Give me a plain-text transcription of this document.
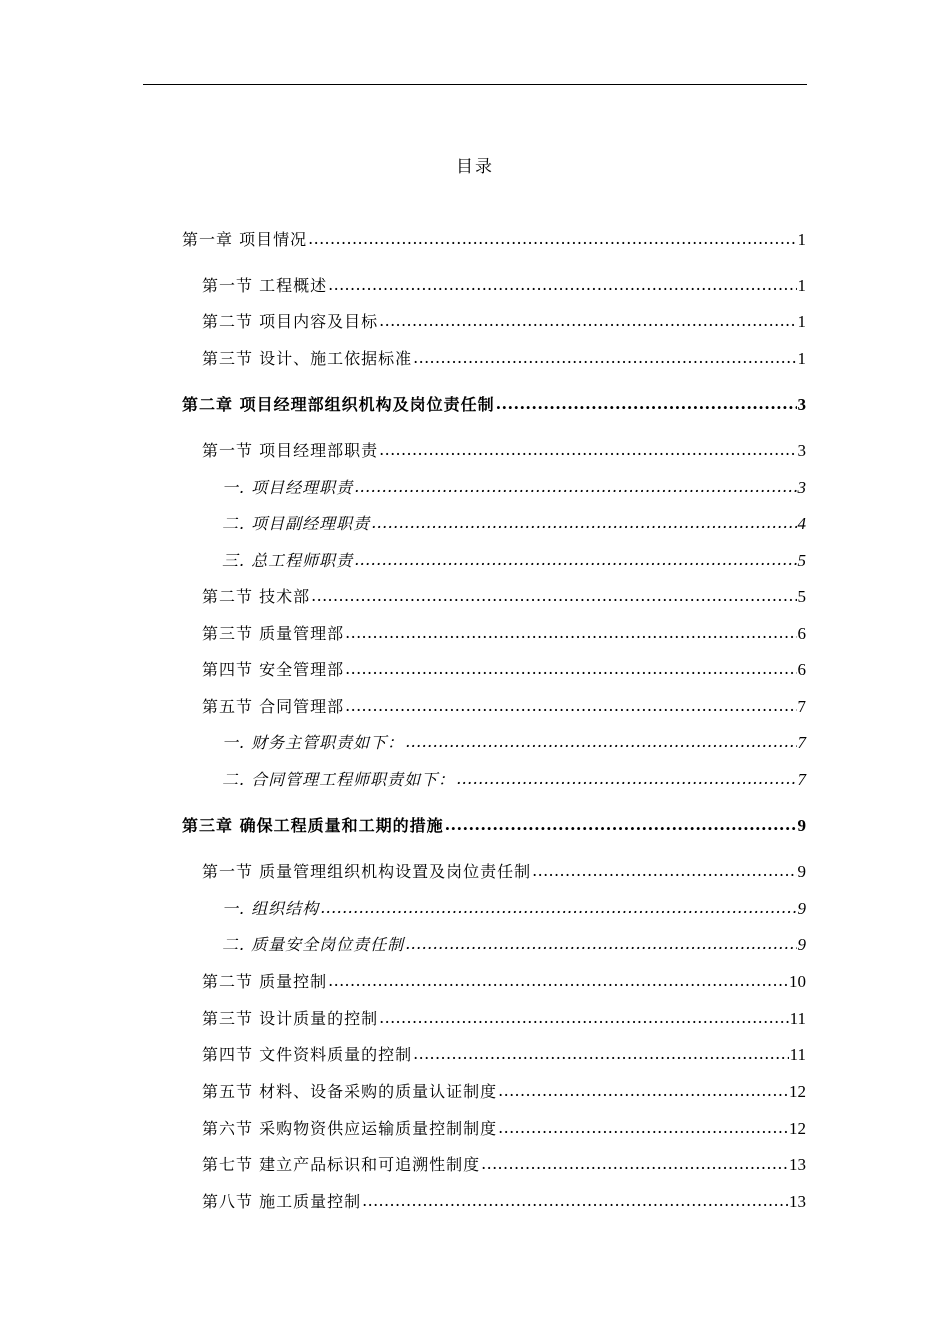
目录
第一章 项目情况 .....	1
第一节 工程概述 .....	1
第二节 项目内容及目标 .....	1
第三节 设计、施工依据标准 .....	1
第二章 项目经理部组织机构及岗位责任制 .....	3
第一节 项目经理部职责 .....	3
一. 项目经理职责 .....	3
二. 项目副经理职责 .....	4
三. 总工程师职责 .....	5
第二节 技术部 .....	5
第三节 质量管理部 .....	6
第四节 安全管理部 .....	6
第五节 合同管理部 .....	7
一. 财务主管职责如下： .....	7
二. 合同管理工程师职责如下： .....	7
第三章 确保工程质量和工期的措施 .....	9
第一节 质量管理组织机构设置及岗位责任制 .....	9
一. 组织结构 .....	9
二. 质量安全岗位责任制 .....	9
第二节 质量控制 .....	10
第三节 设计质量的控制 .....	11
第四节 文件资料质量的控制 .....	11
第五节 材料、设备采购的质量认证制度 .....	12
第六节 采购物资供应运输质量控制制度 .....	12
第七节 建立产品标识和可追溯性制度 .....	13
第八节 施工质量控制 .....	13
